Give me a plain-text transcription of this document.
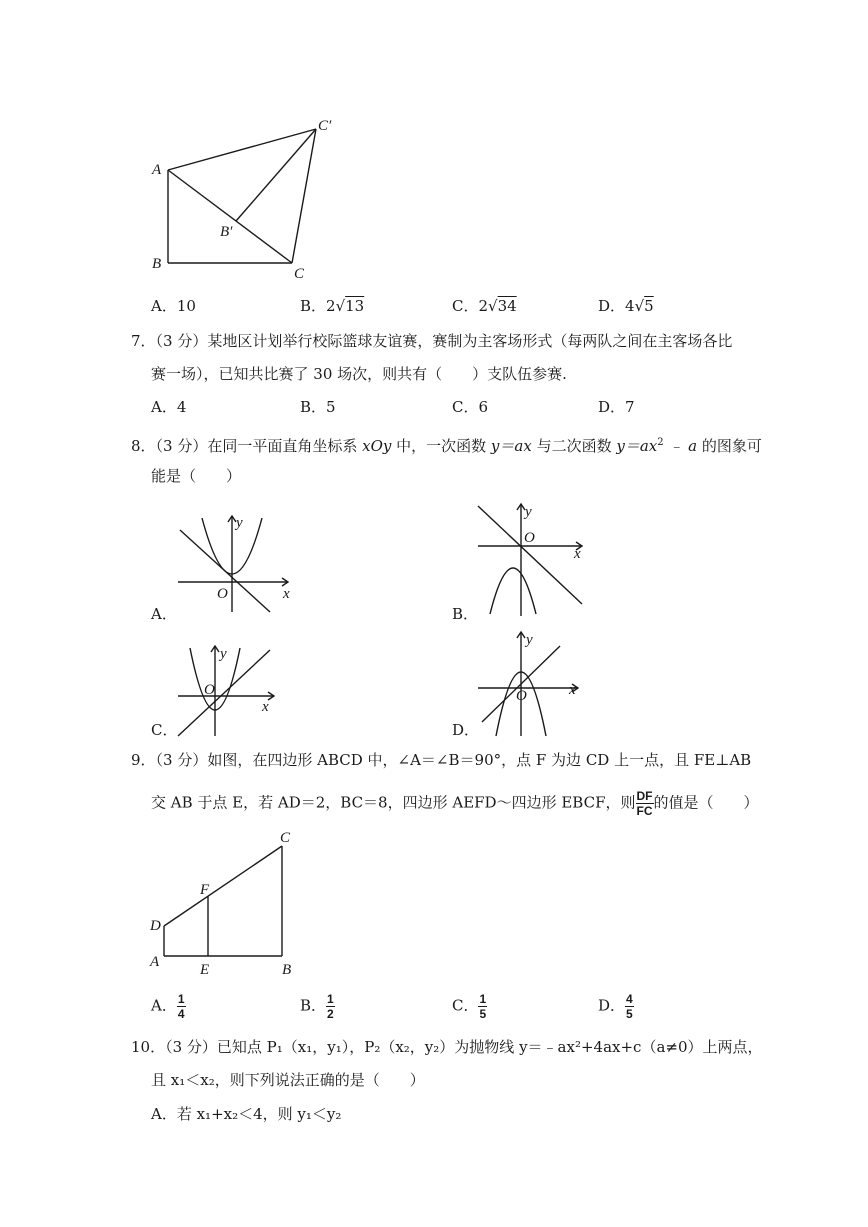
A
B
C
B′
C′
A．10	B．2√13	C．2√34	D．4√5
7．（3 分）某地区计划举行校际篮球友谊赛，赛制为主客场形式（每两队之间在主客场各比
赛一场），已知共比赛了 30 场次，则共有（　　）支队伍参赛.
A．4	B．5	C．6	D．7
8．（3 分）在同一平面直角坐标系 xOy 中，一次函数 y＝ax 与二次函数 $y=ax^2$ ﹣ a 的图象可
能是（　　）
y
x
O
A．
y
x
O
B．
y
x
O
C．
y
x
O
D．
9．（3 分）如图，在四边形 ABCD 中，∠A＝∠B＝90°，点 F 为边 CD 上一点，且 FE⊥AB
交 AB 于点 E，若 AD＝2，BC＝8，四边形 AEFD～四边形 EBCF，则 $\frac{DF}{FC}$ 的值是（　　）
C
F
D
A	E	B
A． $\frac{1}{4}$	B． $\frac{1}{2}$	C． $\frac{1}{5}$	D． $\frac{4}{5}$
10．（3 分）已知点 P₁（x₁，y₁），P₂（x₂，y₂）为抛物线 y＝﹣ax²+4ax+c（a≠0）上两点，
且 x₁＜x₂，则下列说法正确的是（　　）
A．若 x₁+x₂＜4，则 y₁＜y₂
